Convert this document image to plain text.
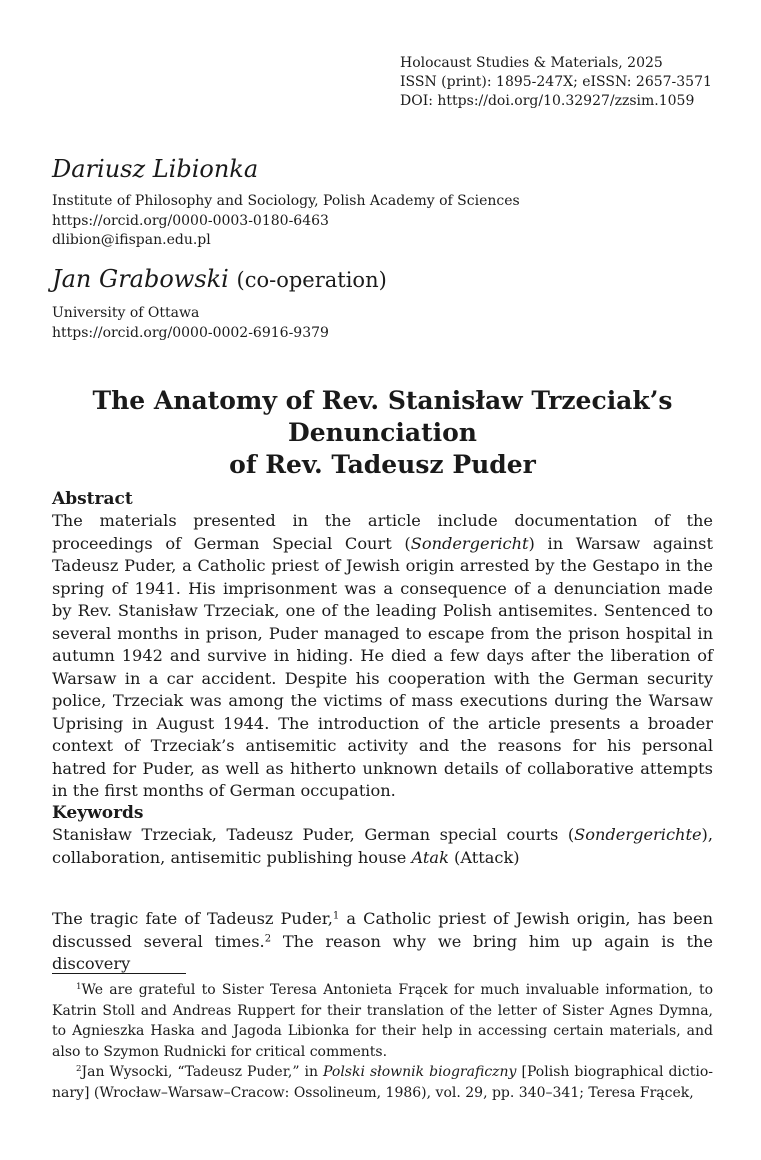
Holocaust Studies & Materials, 2025
ISSN (print): 1895-247X; eISSN: 2657-3571
DOI: https://doi.org/10.32927/zzsim.1059

Dariusz Libionka

Institute of Philosophy and Sociology, Polish Academy of Sciences
https://orcid.org/0000-0003-0180-6463
dlibion@ifispan.edu.pl

Jan Grabowski (co-operation)

University of Ottawa
https://orcid.org/0000-0002-6916-9379
The Anatomy of Rev. Stanisław Trzeciak’s Denunciation
of Rev. Tadeusz Puder

Abstract

The materials presented in the article include documentation of the proceedings of German Special Court (Sondergericht) in Warsaw against Tadeusz Puder, a Catholic priest of Jewish origin arrested by the Gestapo in the spring of 1941. His imprisonment was a consequence of a denunciation made by Rev. Stanisław Trzeciak, one of the leading Polish antisemites. Sentenced to several months in prison, Puder managed to escape from the prison hospital in autumn 1942 and survive in hiding. He died a few days after the liberation of Warsaw in a car accident. Despite his cooperation with the German security police, Trzeciak was among the victims of mass executions during the Warsaw Uprising in August 1944. The introduction of the article presents a broader context of Trzeciak’s antisemitic activity and the reasons for his personal hatred for Puder, as well as hitherto unknown details of collaborative attempts in the first months of German occupation.

Keywords

Stanisław Trzeciak, Tadeusz Puder, German special courts (Sondergerichte), collaboration, antisemitic publishing house Atak (Attack)

The tragic fate of Tadeusz Puder,$^1$ a Catholic priest of Jewish origin, has been discussed several times.$^2$ The reason why we bring him up again is the discovery

$^1$We are grateful to Sister Teresa Antonieta Frącek for much invaluable information, to Katrin Stoll and Andreas Ruppert for their translation of the letter of Sister Agnes Dymna, to Agnieszka Haska and Jagoda Libionka for their help in accessing certain materials, and also to Szymon Rudnicki for critical comments.

$^2$Jan Wysocki, “Tadeusz Puder,” in Polski słownik biograficzny [Polish biographical dictionary] (Wrocław–Warsaw–Cracow: Ossolineum, 1986), vol. 29, pp. 340–341; Teresa Frącek,
